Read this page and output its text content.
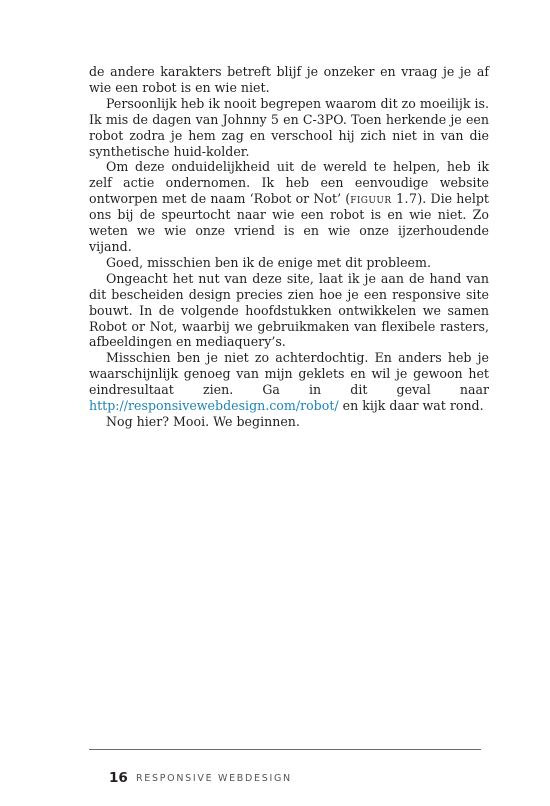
de andere karakters betreft blijf je onzeker en vraag je je af wie een robot is en wie niet.

Persoonlijk heb ik nooit begrepen waarom dit zo moeilijk is. Ik mis de dagen van Johnny 5 en C-3PO. Toen herkende je een robot zodra je hem zag en verschool hij zich niet in van die synthetische huid-kolder.

Om deze onduidelijkheid uit de wereld te helpen, heb ik zelf actie ondernomen. Ik heb een eenvoudige website ontworpen met de naam ‘Robot or Not’ (figuur 1.7). Die helpt ons bij de speurtocht naar wie een robot is en wie niet. Zo weten we wie onze vriend is en wie onze ijzerhoudende vijand.

Goed, misschien ben ik de enige met dit probleem.

Ongeacht het nut van deze site, laat ik je aan de hand van dit bescheiden design precies zien hoe je een responsive site bouwt. In de volgende hoofdstukken ontwikkelen we samen Robot or Not, waarbij we gebruikmaken van flexibele rasters, afbeeldingen en mediaquery’s.

Misschien ben je niet zo achterdochtig. En anders heb je waarschijnlijk genoeg van mijn geklets en wil je gewoon het eindresultaat zien. Ga in dit geval naar http://responsivewebdesign.com/robot/ en kijk daar wat rond.

Nog hier? Mooi. We beginnen.

16 RESPONSIVE WEBDESIGN
